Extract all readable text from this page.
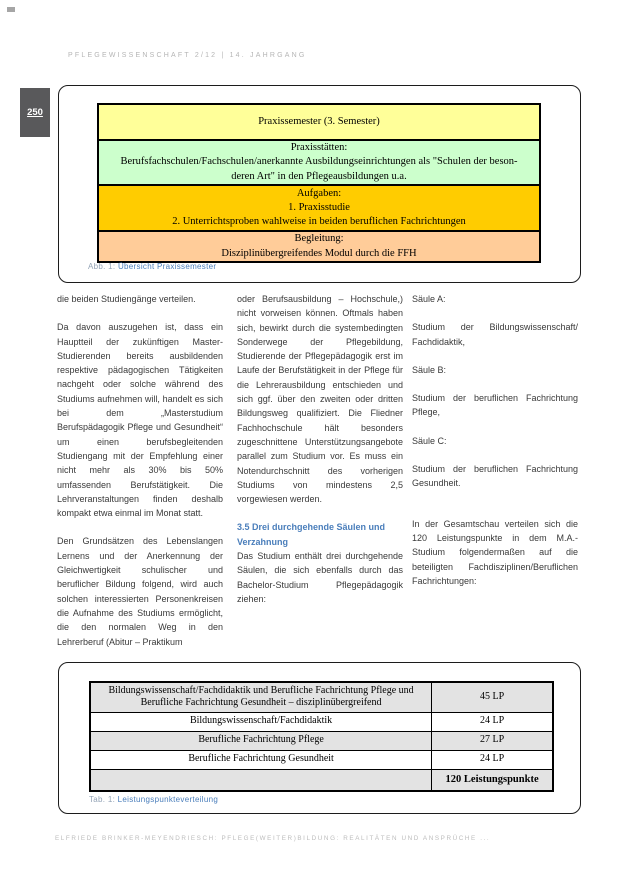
PFLEGEWISSENSCHAFT 2/12 | 14. JAHRGANG
250
Praxissemester (3. Semester)
Praxisstätten:
Berufsfachschulen/Fachschulen/anerkannte Ausbildungseinrichtungen als "Schulen der beson-
deren Art" in den Pflegeausbildungen u.a.
Aufgaben:
1. Praxisstudie
2. Unterrichtsproben wahlweise in beiden beruflichen Fachrichtungen
Begleitung:
Disziplinübergreifendes Modul durch die FFH
Abb. 1: Übersicht Praxissemester

die beiden Studiengänge verteilen.

Da davon auszugehen ist, dass ein Hauptteil der zukünftigen Master-Studierenden bereits ausbildenden respektive pädagogischen Tätigkeiten nachgeht oder solche während des Studiums aufnehmen will, handelt es sich bei dem „Masterstudium Berufspädagogik Pflege und Gesundheit“ um einen berufsbegleitenden Studiengang mit der Empfehlung einer nicht mehr als 30% bis 50% umfassenden Berufstätigkeit. Die Lehrveranstaltungen finden deshalb kompakt etwa einmal im Monat statt.

Den Grundsätzen des Lebenslangen Lernens und der Anerkennung der Gleichwertigkeit schulischer und beruflicher Bildung folgend, wird auch solchen interessierten Personenkreisen die Aufnahme des Studiums ermöglicht, die den normalen Weg in den Lehrerberuf (Abitur – Praktikum

oder Berufsausbildung – Hochschule,) nicht vorweisen können. Oftmals haben sich, bewirkt durch die systembedingten Sonderwege der Pflegebildung, Studierende der Pflegepädagogik erst im Laufe der Berufstätigkeit in der Pflege für die Lehrerausbildung entschieden und sich ggf. über den zweiten oder dritten Bildungsweg qualifiziert. Die Fliedner Fachhochschule hält besonders zugeschnittene Unterstützungsangebote parallel zum Studium vor. Es muss ein Notendurchschnitt des vorherigen Studiums von mindestens 2,5 vorgewiesen werden.

3.5 Drei durchgehende Säulen und Verzahnung

Das Studium enthält drei durchgehende Säulen, die sich ebenfalls durch das Bachelor-Studium Pflegepädagogik ziehen:

Säule A:

Studium der Bildungswissenschaft/ Fachdidaktik,

Säule B:

Studium der beruflichen Fachrichtung Pflege,

Säule C:

Studium der beruflichen Fachrichtung Gesundheit.

In der Gesamtschau verteilen sich die 120 Leistungspunkte in dem M.A.-Studium folgendermaßen auf die beteiligten Fachdisziplinen/Beruflichen Fachrichtungen:

Bildungswissenschaft/Fachdidaktik und Berufliche Fachrichtung Pflege und Berufliche Fachrichtung Gesundheit – disziplinübergreifend	45 LP
Bildungswissenschaft/Fachdidaktik	24 LP
Berufliche Fachrichtung Pflege	27 LP
Berufliche Fachrichtung Gesundheit	24 LP
	120 Leistungspunkte
Tab. 1: Leistungspunkteverteilung
ELFRIEDE BRINKER-MEYENDRIESCH: PFLEGE(WEITER)BILDUNG: REALITÄTEN UND ANSPRÜCHE ...
